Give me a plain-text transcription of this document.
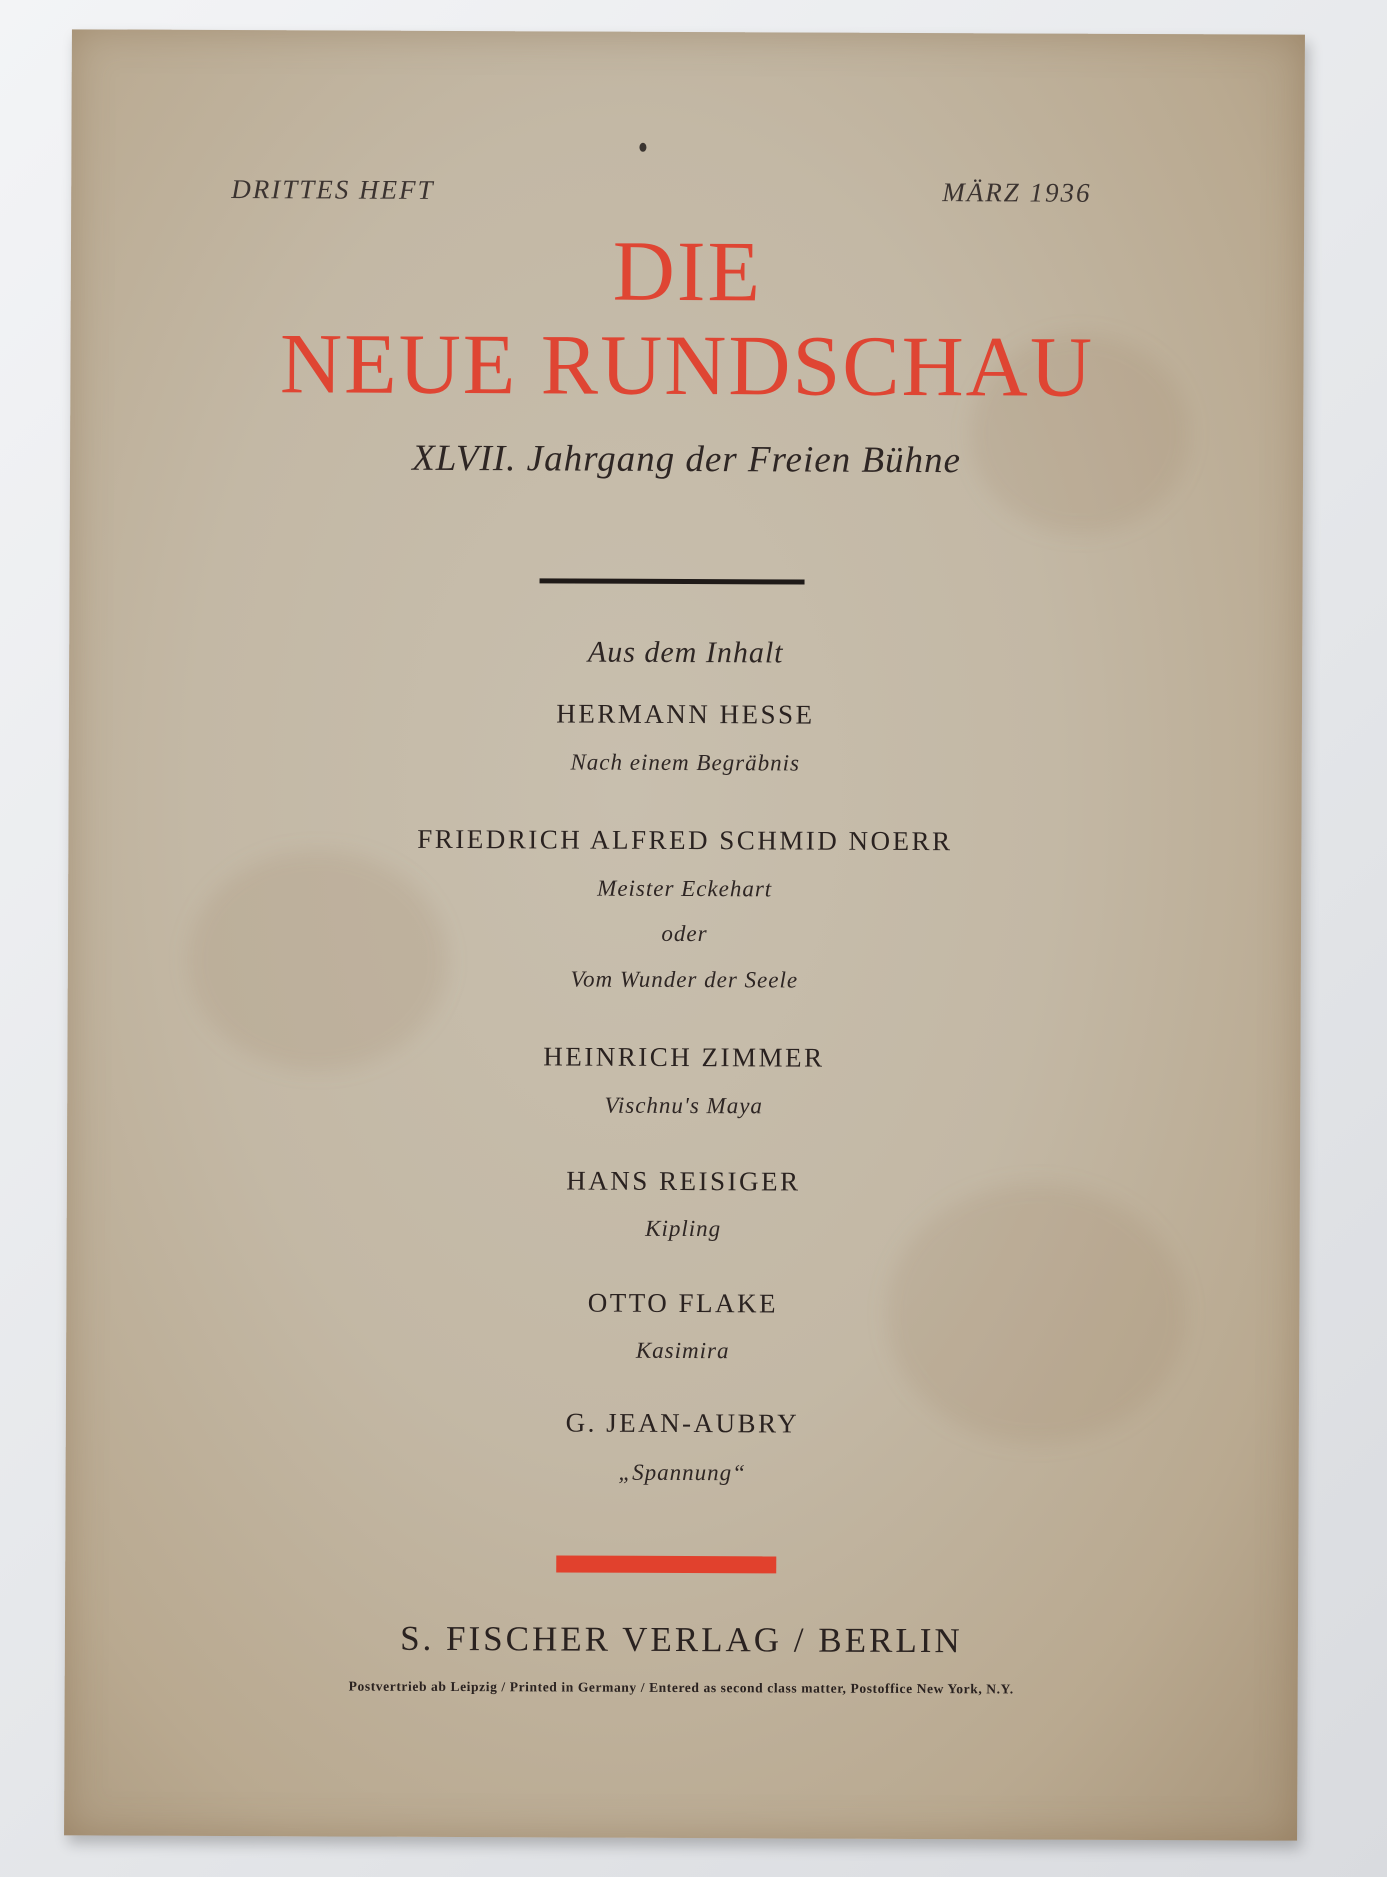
DRITTES HEFT	MÄRZ 1936
DIE
NEUE RUNDSCHAU
XLVII. Jahrgang der Freien Bühne
Aus dem Inhalt
HERMANN HESSE
Nach einem Begräbnis
FRIEDRICH ALFRED SCHMID NOERR
Meister Eckehart
oder
Vom Wunder der Seele
HEINRICH ZIMMER
Vischnu's Maya
HANS REISIGER
Kipling
OTTO FLAKE
Kasimira
G. JEAN-AUBRY
„Spannung“
S. FISCHER VERLAG / BERLIN
Postvertrieb ab Leipzig / Printed in Germany / Entered as second class matter, Postoffice New York, N.Y.
